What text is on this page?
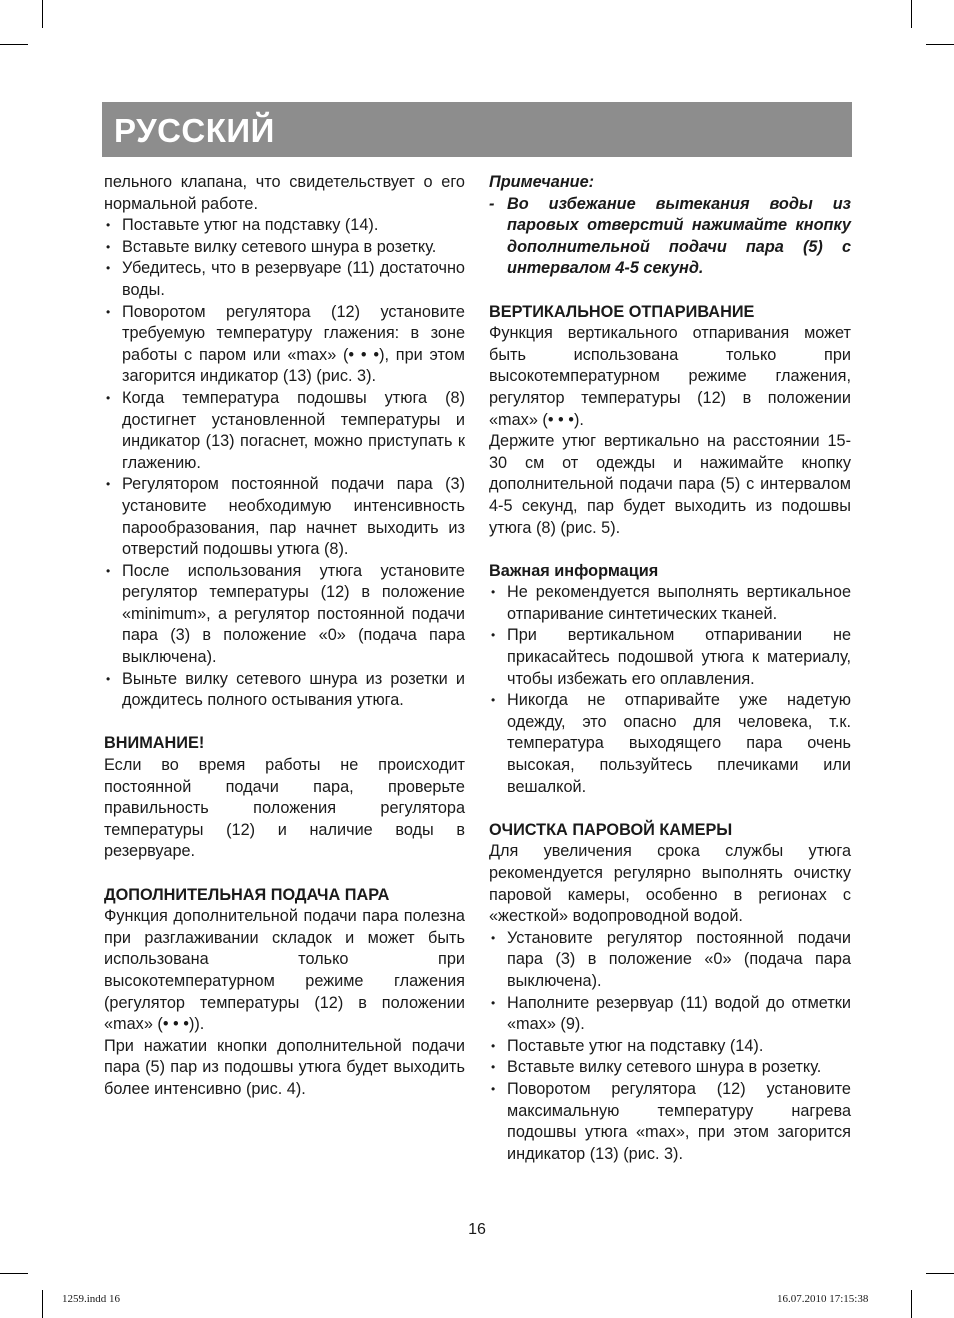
РУССКИЙ

пельного клапана, что свидетельствует о его нормальной работе.

• Поставьте утюг на подставку (14).
• Вставьте вилку сетевого шнура в розетку.
• Убедитесь, что в резервуаре (11) достаточно воды.
• Поворотом регулятора (12) установите требуемую температуру глажения: в зоне работы с паром или «max» (• • •), при этом загорится индикатор (13) (рис. 3).
• Когда температура подошвы утюга (8) достигнет установленной температуры и индикатор (13) погаснет, можно приступать к глажению.
• Регулятором постоянной подачи пара (3) установите необходимую интенсивность парообразования, пар начнет выходить из отверстий подошвы утюга (8).
• После использования утюга установите регулятор температуры (12) в положение «minimum», а регулятор постоянной подачи пара (3) в положение «0» (подача пара выключена).
• Выньте вилку сетевого шнура из розетки и дождитесь полного остывания утюга.

ВНИМАНИЕ!

Если во время работы не происходит постоянной подачи пара, проверьте правильность положения регулятора температуры (12) и наличие воды в резервуаре.

ДОПОЛНИТЕЛЬНАЯ ПОДАЧА ПАРА

Функция дополнительной подачи пара полезна при разглаживании складок и может быть использована только при высокотемпературном режиме глажения (регулятор температуры (12) в положении «max» (• • •)).

При нажатии кнопки дополнительной подачи пара (5) пар из подошвы утюга будет выходить более интенсивно (рис. 4).

Примечание:

- Во избежание вытекания воды из паровых отверстий нажимайте кнопку дополнительной подачи пара (5) с интервалом 4-5 секунд.

ВЕРТИКАЛЬНОЕ ОТПАРИВАНИЕ

Функция вертикального отпаривания может быть использована только при высокотемпературном режиме глажения, регулятор температуры (12) в положении «max» (• • •).

Держите утюг вертикально на расстоянии 15-30 см от одежды и нажимайте кнопку дополнительной подачи пара (5) с интервалом 4-5 секунд, пар будет выходить из подошвы утюга (8) (рис. 5).

Важная информация

• Не рекомендуется выполнять вертикальное отпаривание синтетических тканей.
• При вертикальном отпаривании не прикасайтесь подошвой утюга к материалу, чтобы избежать его оплавления.
• Никогда не отпаривайте уже надетую одежду, это опасно для человека, т.к. температура выходящего пара очень высокая, пользуйтесь плечиками или вешалкой.

ОЧИСТКА ПАРОВОЙ КАМЕРЫ

Для увеличения срока службы утюга рекомендуется регулярно выполнять очистку паровой камеры, особенно в регионах с «жесткой» водопроводной водой.

• Установите регулятор постоянной подачи пара (3) в положение «0» (подача пара выключена).
• Наполните резервуар (11) водой до отметки «max» (9).
• Поставьте утюг на подставку (14).
• Вставьте вилку сетевого шнура в розетку.
• Поворотом регулятора (12) установите максимальную температуру нагрева подошвы утюга «max», при этом загорится индикатор (13) (рис. 3).
16
1259.indd 16	16.07.2010 17:15:38
